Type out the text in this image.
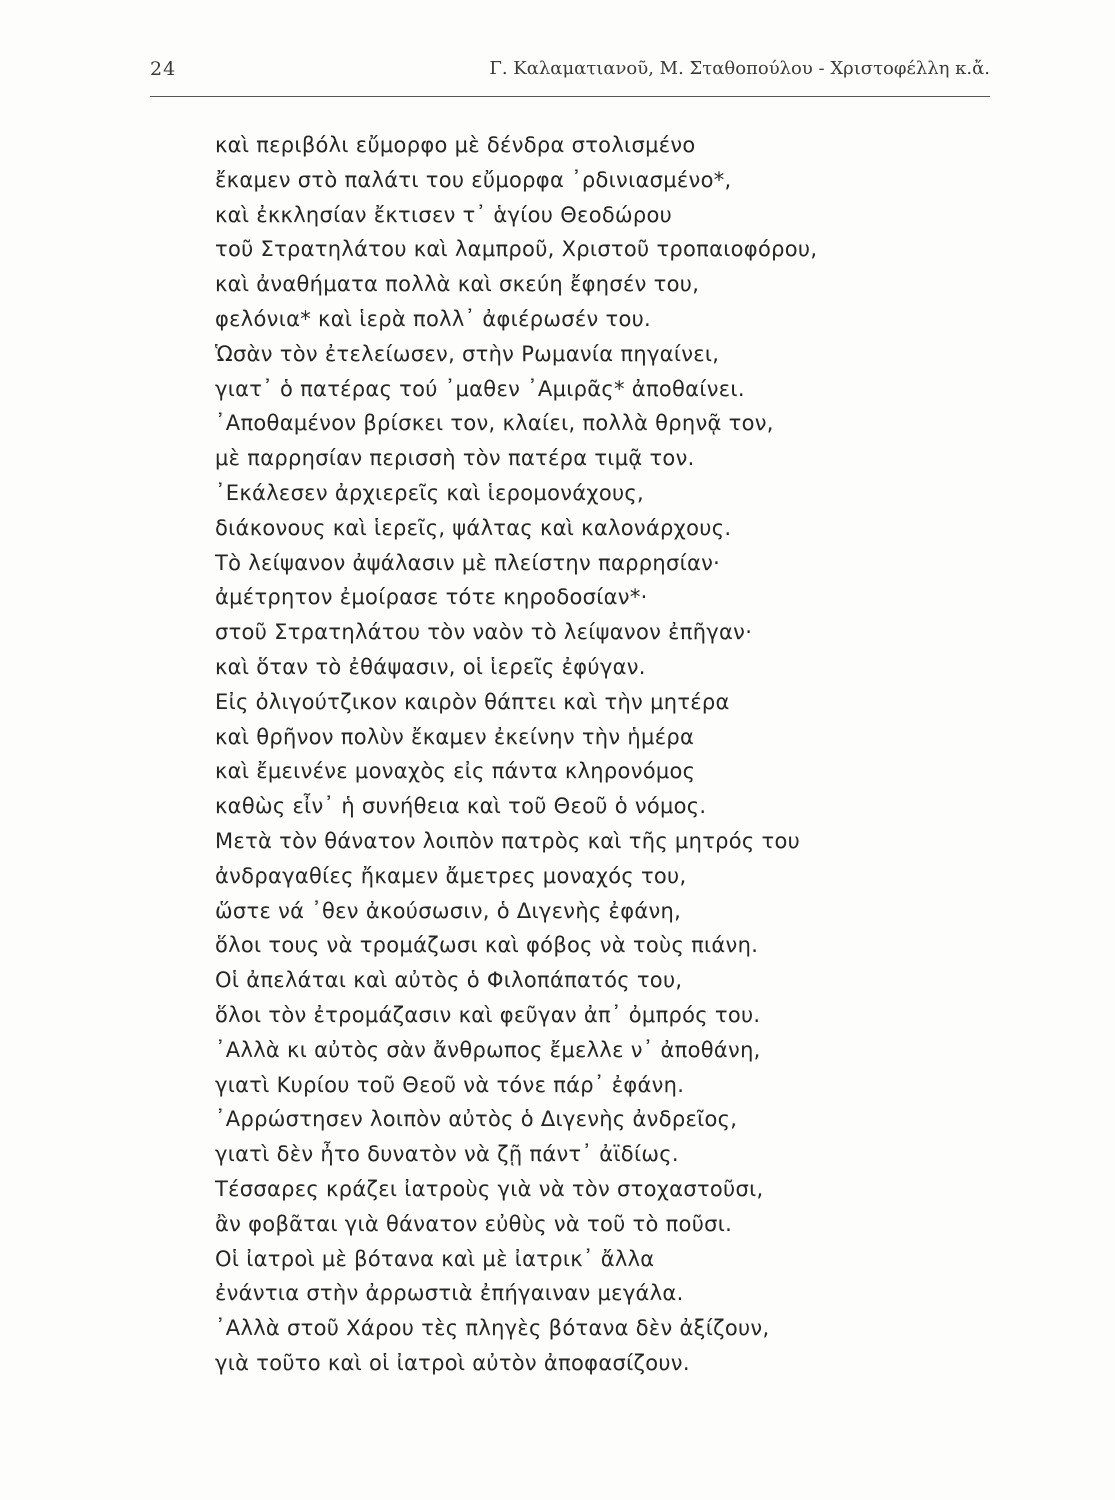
24	Γ. Καλαματιανοῦ, Μ. Σταθοπούλου - Χριστοφέλλη κ.ἄ.
καὶ περιβόλι εὔμορφο μὲ δένδρα στολισμένο
ἔκαμεν στὸ παλάτι του εὔμορφα ᾿ρδινιασμένο*,
καὶ ἐκκλησίαν ἔκτισεν τ᾿ ἁγίου Θεοδώρου
τοῦ Στρατηλάτου καὶ λαμπροῦ, Χριστοῦ τροπαιοφόρου,
καὶ ἀναθήματα πολλὰ καὶ σκεύη ἔφησέν του,
φελόνια* καὶ ἱερὰ πολλ᾿ ἀφιέρωσέν του.
Ὡσὰν τὸν ἐτελείωσεν, στὴν Ρωμανία πηγαίνει,
γιατ᾿ ὁ πατέρας τού ᾿μαθεν ᾿Αμιρᾶς* ἀποθαίνει.
᾿Αποθαμένον βρίσκει τον, κλαίει, πολλὰ θρηνᾷ τον,
μὲ παρρησίαν περισσὴ τὸν πατέρα τιμᾷ τον.
᾿Εκάλεσεν ἀρχιερεῖς καὶ ἱερομονάχους,
διάκονους καὶ ἱερεῖς, ψάλτας καὶ καλονάρχους.
Τὸ λείψανον ἀψάλασιν μὲ πλείστην παρρησίαν·
ἀμέτρητον ἐμοίρασε τότε κηροδοσίαν*·
στοῦ Στρατηλάτου τὸν ναὸν τὸ λείψανον ἐπῆγαν·
καὶ ὅταν τὸ ἐθάψασιν, οἱ ἱερεῖς ἐφύγαν.
Εἰς ὀλιγούτζικον καιρὸν θάπτει καὶ τὴν μητέρα
καὶ θρῆνον πολὺν ἔκαμεν ἐκείνην τὴν ἡμέρα
καὶ ἔμεινένε μοναχὸς εἰς πάντα κληρονόμος
καθὼς εἶν᾿ ἡ συνήθεια καὶ τοῦ Θεοῦ ὁ νόμος.
Μετὰ τὸν θάνατον λοιπὸν πατρὸς καὶ τῆς μητρός του
ἀνδραγαθίες ἤκαμεν ἄμετρες μοναχός του,
ὥστε νά ᾿θεν ἀκούσωσιν, ὁ Διγενὴς ἐφάνη,
ὅλοι τους νὰ τρομάζωσι καὶ φόβος νὰ τοὺς πιάνη.
Οἱ ἀπελάται καὶ αὐτὸς ὁ Φιλοπάπατός του,
ὅλοι τὸν ἐτρομάζασιν καὶ φεῦγαν ἀπ᾿ ὀμπρός του.
᾿Αλλὰ κι αὐτὸς σὰν ἄνθρωπος ἔμελλε ν᾿ ἀποθάνη,
γιατὶ Κυρίου τοῦ Θεοῦ νὰ τόνε πάρ᾿ ἐφάνη.
᾿Αρρώστησεν λοιπὸν αὐτὸς ὁ Διγενὴς ἀνδρεῖος,
γιατὶ δὲν ἦτο δυνατὸν νὰ ζῇ πάντ᾿ ἀϊδίως.
Τέσσαρες κράζει ἰατροὺς γιὰ νὰ τὸν στοχαστοῦσι,
ἂν φοβᾶται γιὰ θάνατον εὐθὺς νὰ τοῦ τὸ ποῦσι.
Οἱ ἰατροὶ μὲ βότανα καὶ μὲ ἰατρικ᾿ ἄλλα
ἐνάντια στὴν ἀρρωστιὰ ἐπήγαιναν μεγάλα.
᾿Αλλὰ στοῦ Χάρου τὲς πληγὲς βότανα δὲν ἀξίζουν,
γιὰ τοῦτο καὶ οἱ ἰατροὶ αὐτὸν ἀποφασίζουν.
